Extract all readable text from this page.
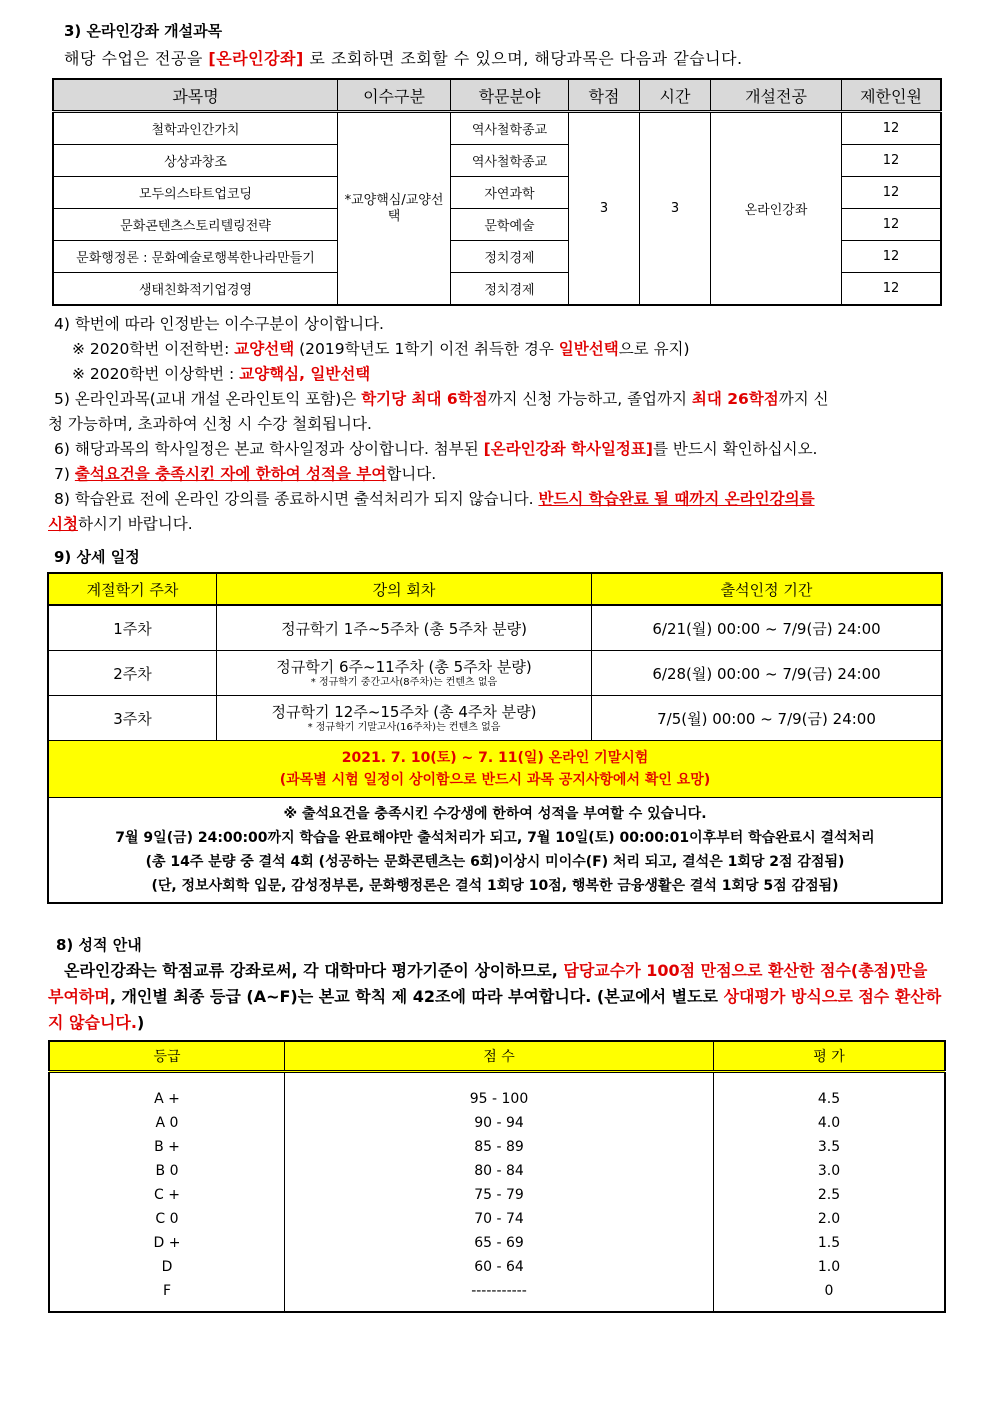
3) 온라인강좌 개설과목
해당 수업은 전공을 [온라인강좌] 로 조회하면 조회할 수 있으며, 해당과목은 다음과 같습니다.
과목명	이수구분	학문분야	학점	시간	개설전공	제한인원
철학과인간가치	*교양핵심/교양선택	역사철학종교	3	3	온라인강좌	12
상상과창조		역사철학종교				12
모두의스타트업코딩		자연과학				12
문화콘텐츠스토리텔링전략		문학예술				12
문화행정론 : 문화예술로행복한나라만들기		정치경제				12
생태친화적기업경영		정치경제				12
4) 학번에 따라 인정받는 이수구분이 상이합니다.
※ 2020학번 이전학번: 교양선택 (2019학년도 1학기 이전 취득한 경우 일반선택으로 유지)
※ 2020학번 이상학번 : 교양핵심, 일반선택
5) 온라인과목(교내 개설 온라인토익 포함)은 학기당 최대 6학점까지 신청 가능하고, 졸업까지 최대 26학점까지 신
청 가능하며, 초과하여 신청 시 수강 철회됩니다.
6) 해당과목의 학사일정은 본교 학사일정과 상이합니다. 첨부된 [온라인강좌 학사일정표]를 반드시 확인하십시오.
7) 출석요건을 충족시킨 자에 한하여 성적을 부여합니다.
8) 학습완료 전에 온라인 강의를 종료하시면 출석처리가 되지 않습니다. 반드시 학습완료 될 때까지 온라인강의를
시청하시기 바랍니다.
9) 상세 일정
계절학기 주차	강의 회차	출석인정 기간
1주차	정규학기 1주~5주차 (총 5주차 분량)	6/21(월) 00:00 ~ 7/9(금) 24:00
2주차	정규학기 6주~11주차 (총 5주차 분량)
* 정규학기 중간고사(8주차)는 컨텐츠 없음	6/28(월) 00:00 ~ 7/9(금) 24:00
3주차	정규학기 12주~15주차 (총 4주차 분량)
* 정규학기 기말고사(16주차)는 컨텐츠 없음	7/5(월) 00:00 ~ 7/9(금) 24:00

2021. 7. 10(토) ~ 7. 11(일) 온라인 기말시험
(과목별 시험 일정이 상이함으로 반드시 과목 공지사항에서 확인 요망)		

※ 출석요건을 충족시킨 수강생에 한하여 성적을 부여할 수 있습니다.
7월 9일(금) 24:00:00까지 학습을 완료해야만 출석처리가 되고, 7월 10일(토) 00:00:01이후부터 학습완료시 결석처리
(총 14주 분량 중 결석 4회 (성공하는 문화콘텐츠는 6회)이상시 미이수(F) 처리 되고, 결석은 1회당 2점 감점됨)
(단, 정보사회학 입문, 감성정부론, 문화행정론은 결석 1회당 10점, 행복한 금융생활은 결석 1회당 5점 감점됨)		
8) 성적 안내
온라인강좌는 학점교류 강좌로써, 각 대학마다 평가기준이 상이하므로, 담당교수가 100점 만점으로 환산한 점수(총점)만을 부여하며, 개인별 최종 등급 (A~F)는 본교 학칙 제 42조에 따라 부여합니다. (본교에서 별도로 상대평가 방식으로 점수 환산하지 않습니다.)
등급	점 수	평 가

A +	95 - 100	4.5
A 0	90 - 94	4.0
B +	85 - 89	3.5
B 0	80 - 84	3.0
C +	75 - 79	2.5
C 0	70 - 74	2.0
D +	65 - 69	1.5
D	60 - 64	1.0
F	-----------	0
